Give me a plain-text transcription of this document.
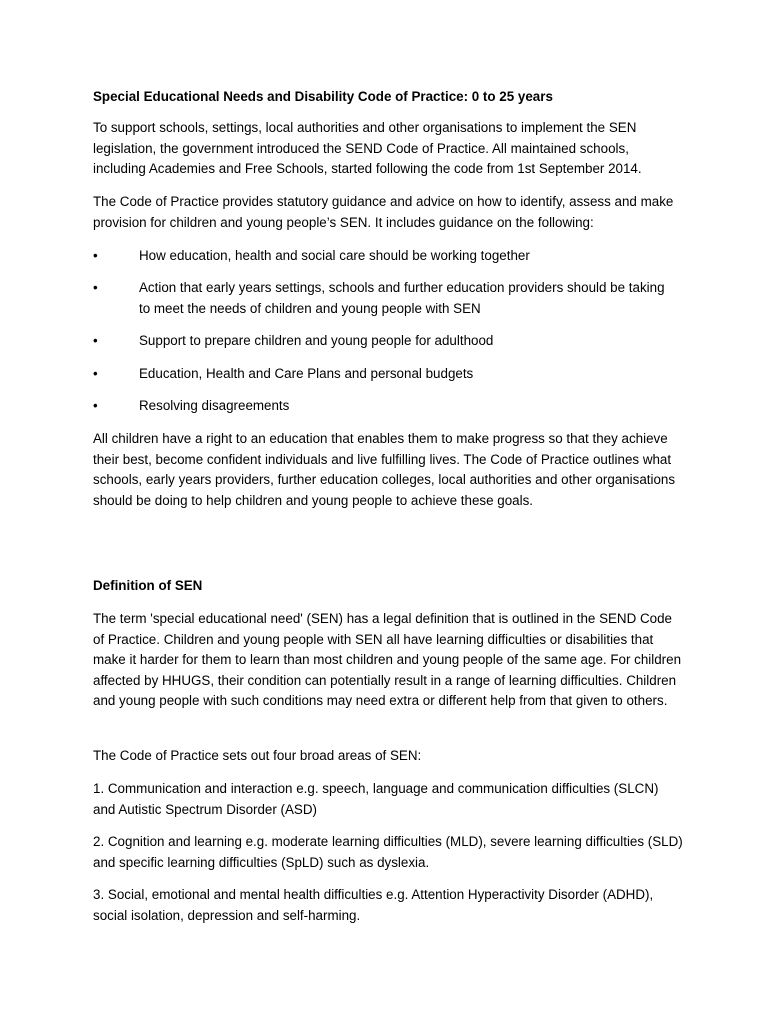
Special Educational Needs and Disability Code of Practice: 0 to 25 years

To support schools, settings, local authorities and other organisations to implement the SEN legislation, the government introduced the SEND Code of Practice. All maintained schools, including Academies and Free Schools, started following the code from 1st September 2014.

The Code of Practice provides statutory guidance and advice on how to identify, assess and make provision for children and young people’s SEN. It includes guidance on the following:

•	How education, health and social care should be working together
•	Action that early years settings, schools and further education providers should be taking to meet the needs of children and young people with SEN
•	Support to prepare children and young people for adulthood
•	Education, Health and Care Plans and personal budgets
•	Resolving disagreements

All children have a right to an education that enables them to make progress so that they achieve their best, become confident individuals and live fulfilling lives. The Code of Practice outlines what schools, early years providers, further education colleges, local authorities and other organisations should be doing to help children and young people to achieve these goals.

Definition of SEN

The term 'special educational need' (SEN) has a legal definition that is outlined in the SEND Code of Practice. Children and young people with SEN all have learning difficulties or disabilities that make it harder for them to learn than most children and young people of the same age. For children affected by HHUGS, their condition can potentially result in a range of learning difficulties. Children and young people with such conditions may need extra or different help from that given to others.

The Code of Practice sets out four broad areas of SEN:

1. Communication and interaction e.g. speech, language and communication difficulties (SLCN) and Autistic Spectrum Disorder (ASD)

2. Cognition and learning e.g. moderate learning difficulties (MLD), severe learning difficulties (SLD) and specific learning difficulties (SpLD) such as dyslexia.

3. Social, emotional and mental health difficulties e.g. Attention Hyperactivity Disorder (ADHD), social isolation, depression and self-harming.
